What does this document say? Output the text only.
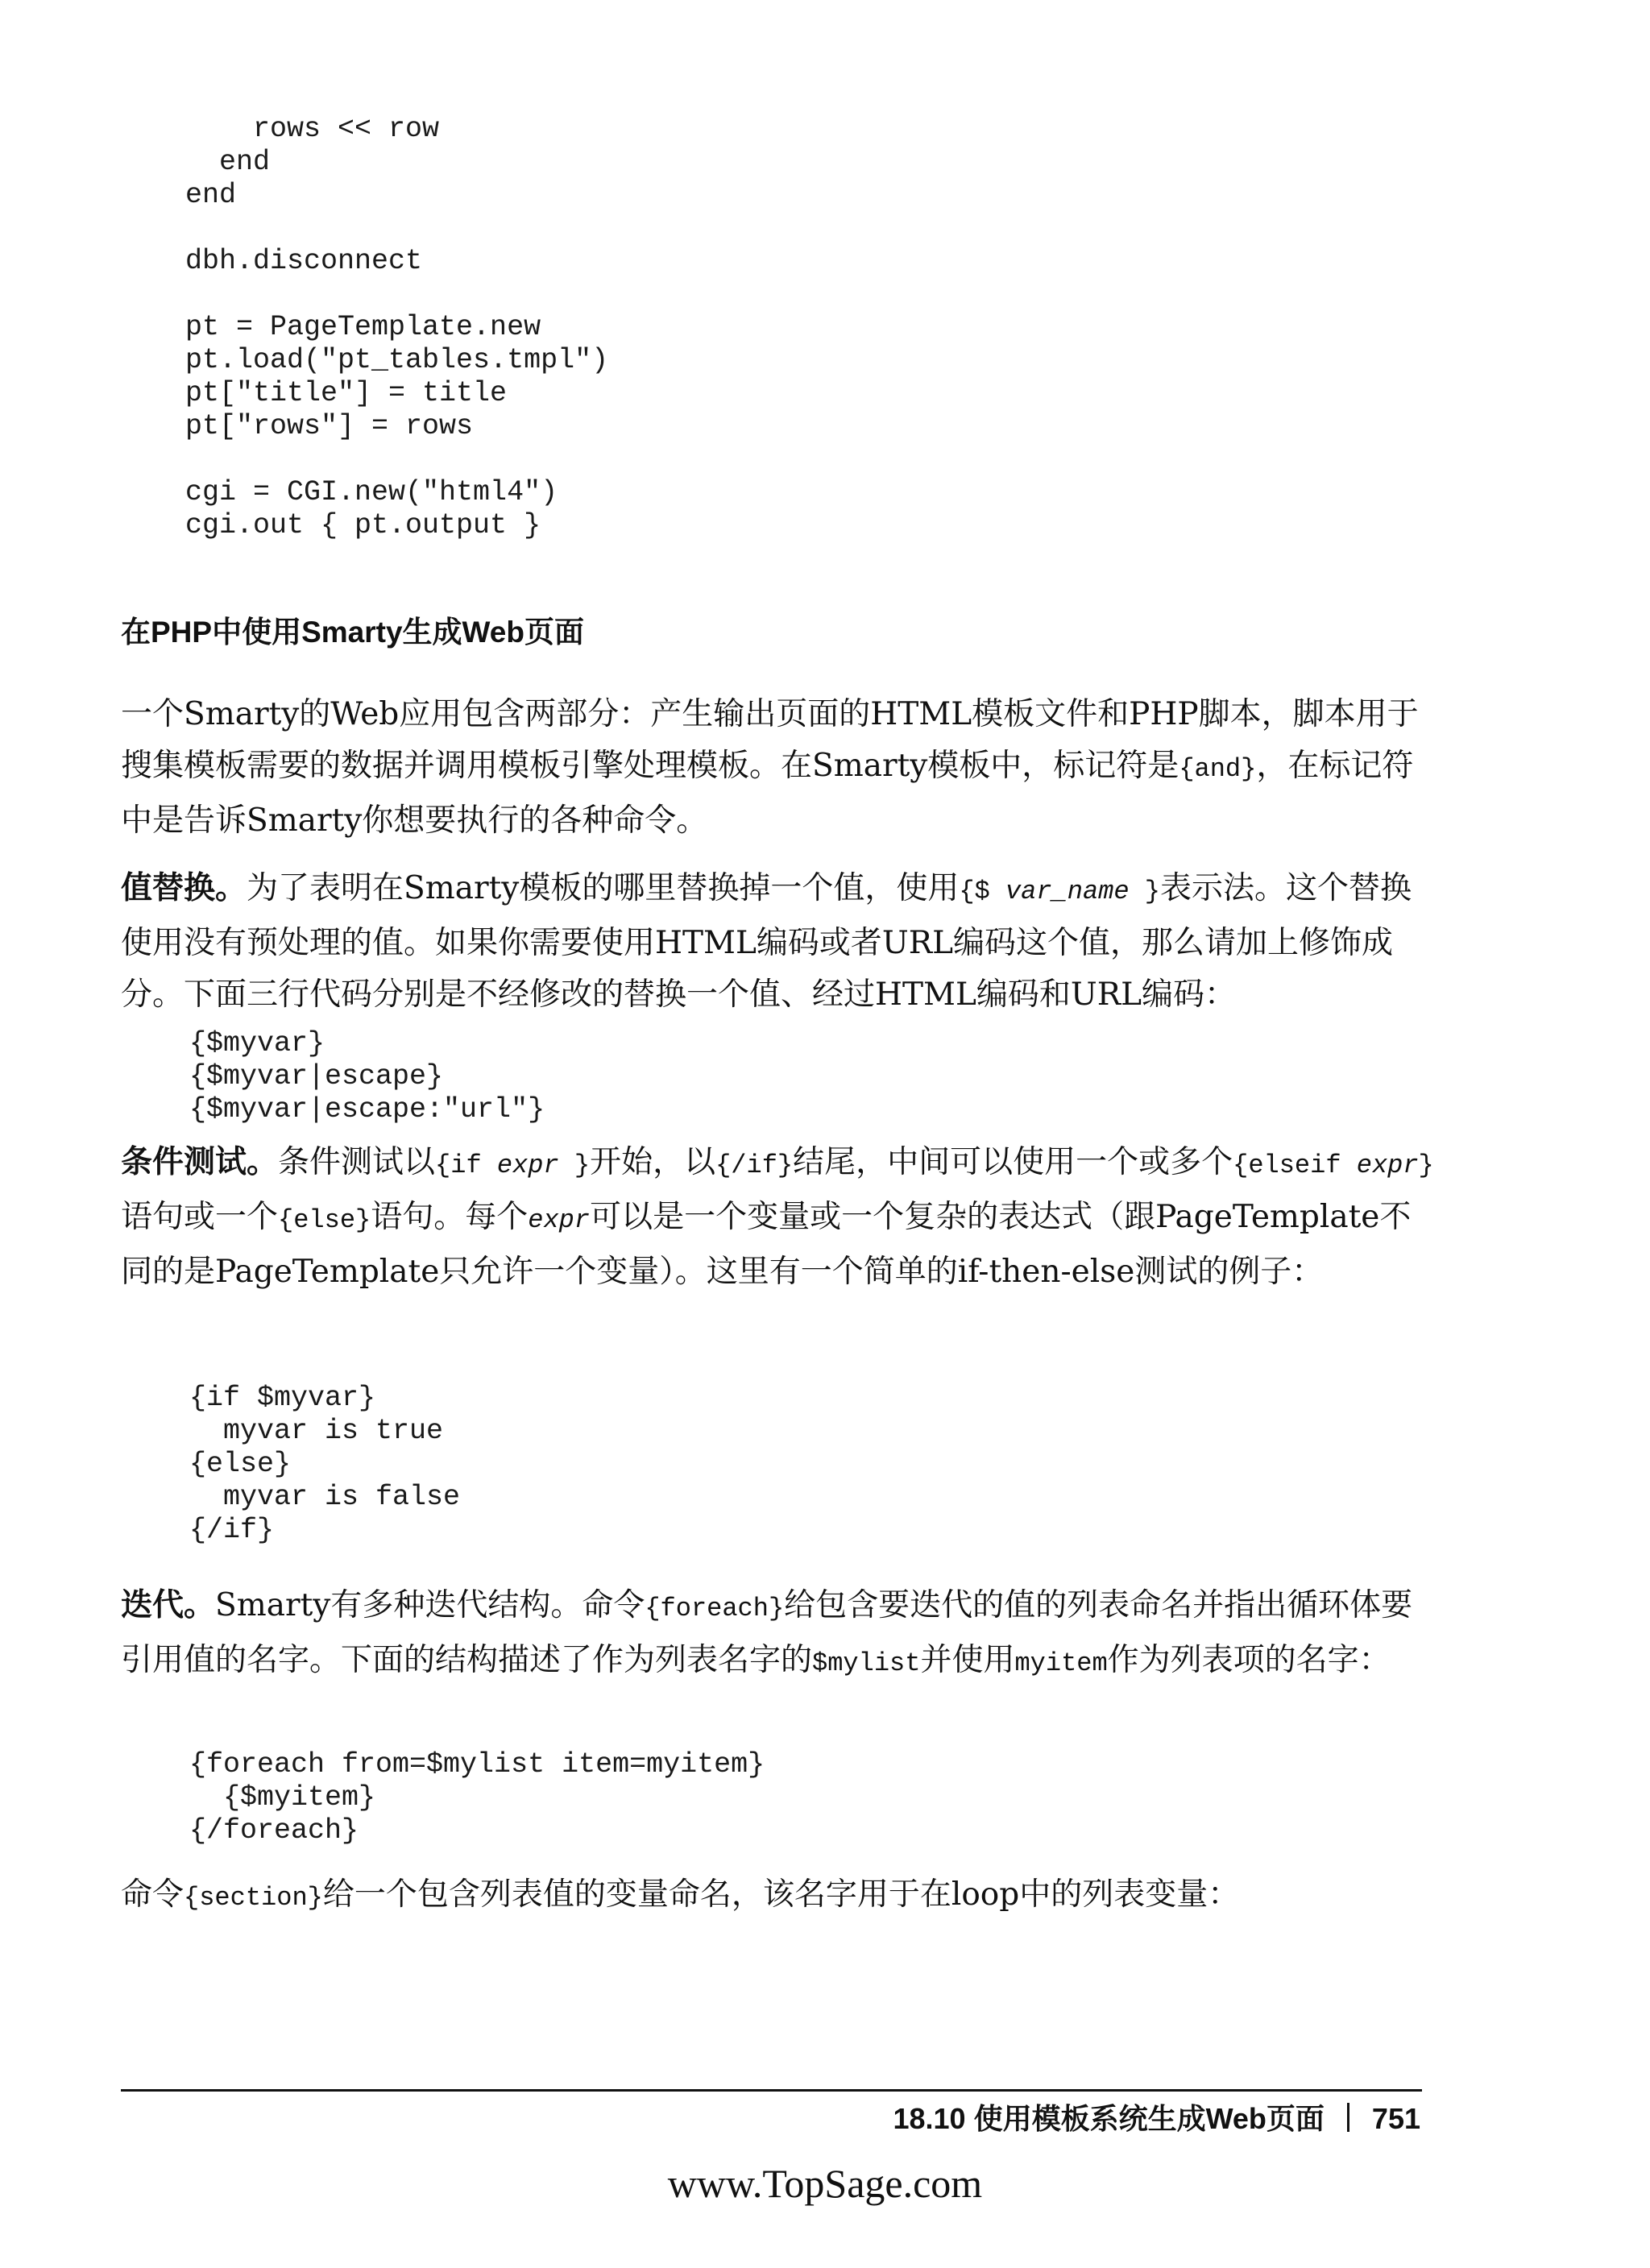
rows << row
end
end

dbh.disconnect

pt = PageTemplate.new
pt.load("pt_tables.tmpl")
pt["title"] = title
pt["rows"] = rows

cgi = CGI.new("html4")
cgi.out { pt.output }
在PHP中使用Smarty生成Web页面

一个Smarty的Web应用包含两部分：产生输出页面的HTML模板文件和PHP脚本，脚本用于搜集模板需要的数据并调用模板引擎处理模板。在Smarty模板中，标记符是{and}，在标记符中是告诉Smarty你想要执行的各种命令。

值替换。为了表明在Smarty模板的哪里替换掉一个值，使用{$ var_name }表示法。这个替换使用没有预处理的值。如果你需要使用HTML编码或者URL编码这个值，那么请加上修饰成分。下面三行代码分别是不经修改的替换一个值、经过HTML编码和URL编码：

{$myvar}
{$myvar|escape}
{$myvar|escape:"url"}

条件测试。条件测试以{if expr }开始，以{/if}结尾，中间可以使用一个或多个{elseif expr}语句或一个{else}语句。每个expr可以是一个变量或一个复杂的表达式（跟PageTemplate不同的是PageTemplate只允许一个变量）。这里有一个简单的if-then-else测试的例子：

{if $myvar}
myvar is true
{else}
myvar is false
{/if}

迭代。Smarty有多种迭代结构。命令{foreach}给包含要迭代的值的列表命名并指出循环体要引用值的名字。下面的结构描述了作为列表名字的$mylist并使用myitem作为列表项的名字：

{foreach from=$mylist item=myitem}
{$myitem}
{/foreach}

命令{section}给一个包含列表值的变量命名，该名字用于在loop中的列表变量：

18.10 使用模板系统生成Web页面 751
www.TopSage.com
